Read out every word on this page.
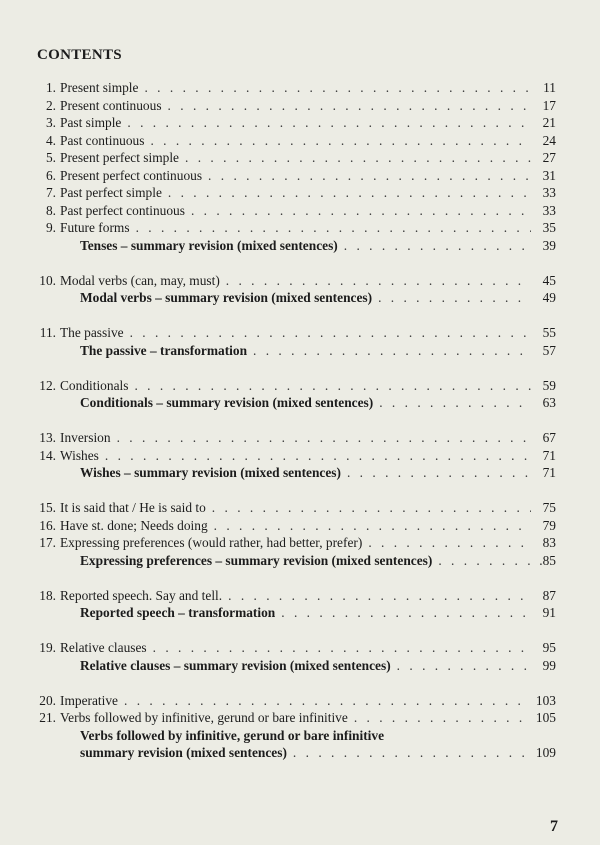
CONTENTS
1. Present simple . . .	11
2. Present continuous . . .	17
3. Past simple . . .	21
4. Past continuous . . .	24
5. Present perfect simple . . .	27
6. Present perfect continuous . . .	31
7. Past perfect simple . . .	33
8. Past perfect continuous . . .	33
9. Future forms . . .	35
Tenses – summary revision (mixed sentences) . . .	39
10. Modal verbs (can, may, must) . . .	45
Modal verbs – summary revision (mixed sentences) . . .	49
11. The passive . . .	55
The passive – transformation . . .	57
12. Conditionals . . .	59
Conditionals – summary revision (mixed sentences) . . .	63
13. Inversion . . .	67
14. Wishes . . .	71
Wishes – summary revision (mixed sentences) . . .	71
15. It is said that / He is said to . . .	75
16. Have st. done; Needs doing . . .	79
17. Expressing preferences (would rather, had better, prefer) . . .	83
Expressing preferences – summary revision (mixed sentences) . . .	.85
18. Reported speech. Say and tell. . . .	87
Reported speech – transformation . . .	91
19. Relative clauses . . .	95
Relative clauses – summary revision (mixed sentences) . . .	99
20. Imperative . . .	103
21. Verbs followed by infinitive, gerund or bare infinitive . . .	105
Verbs followed by infinitive, gerund or bare infinitive
summary revision (mixed sentences) . . .	109
7
